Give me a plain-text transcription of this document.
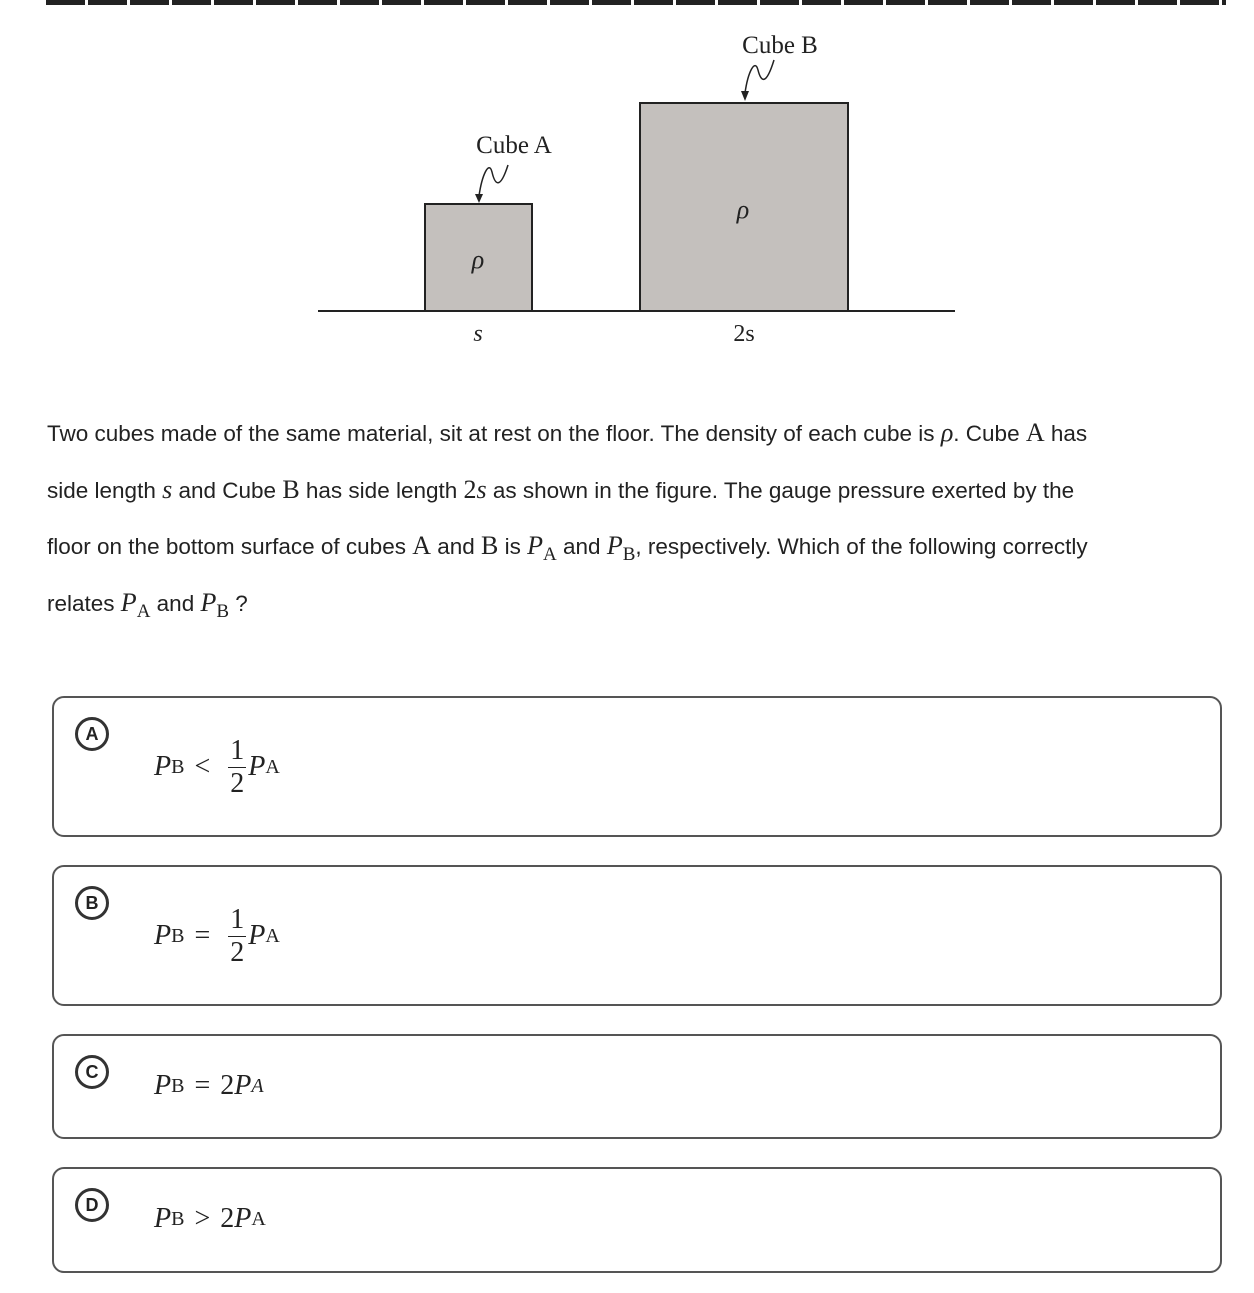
Cube A
Cube B
ρ
ρ
s	2s
Two cubes made of the same material, sit at rest on the floor. The density of each cube is ρ. Cube A has
side length s and Cube B has side length 2s as shown in the figure. The gauge pressure exerted by the
floor on the bottom surface of cubes A and B is $P_A$ and $P_B$, respectively. Which of the following correctly
relates $P_A$ and $P_B$ ?
A
P $B < \frac{1}{2}$ P A
B
P $B = \frac{1}{2}$ P A
C	P B = 2 P A
D	P B > 2 P A
